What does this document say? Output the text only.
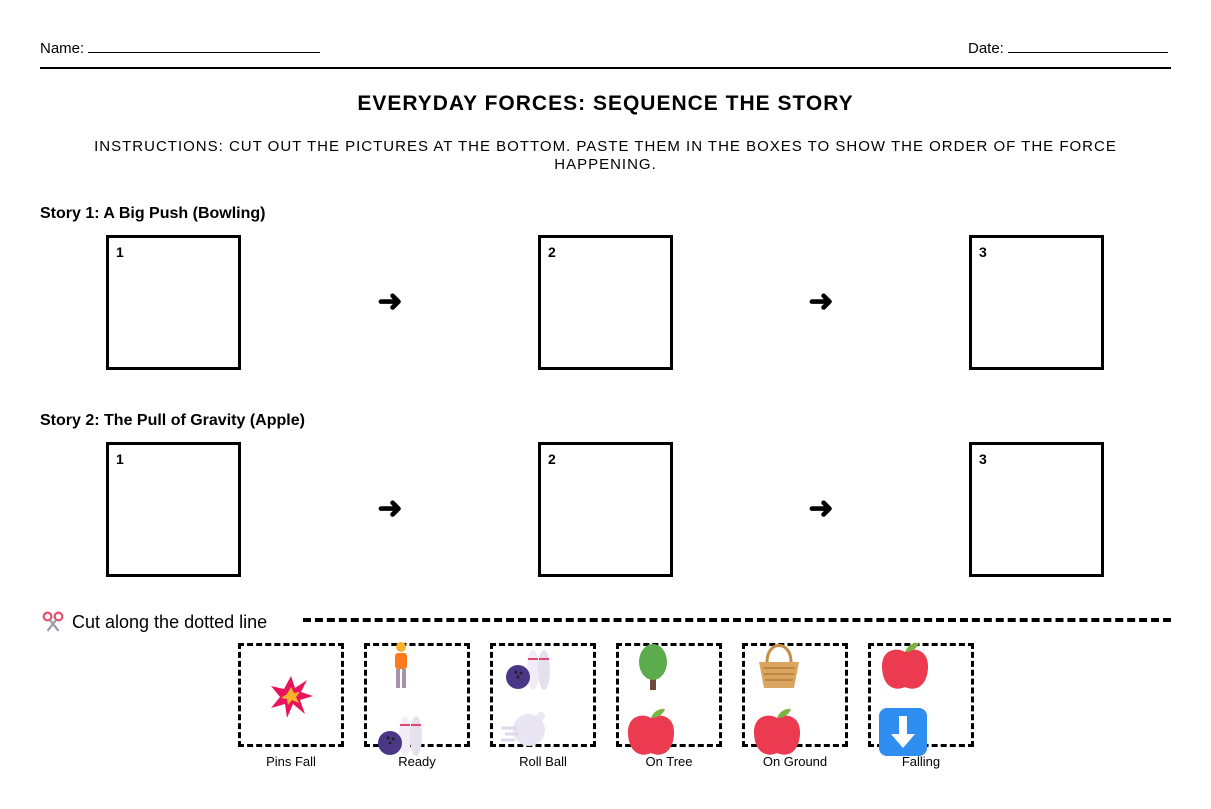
Name:	Date:
EVERYDAY FORCES: SEQUENCE THE STORY
INSTRUCTIONS: CUT OUT THE PICTURES AT THE BOTTOM. PASTE THEM IN THE BOXES TO SHOW THE ORDER OF THE FORCE HAPPENING.
Story 1: A Big Push (Bowling)
1
➜
2
➜
3
Story 2: The Pull of Gravity (Apple)
1
➜
2
➜
3
Cut along the dotted line
Pins Fall	Ready	Roll Ball	On Tree	On Ground	Falling
